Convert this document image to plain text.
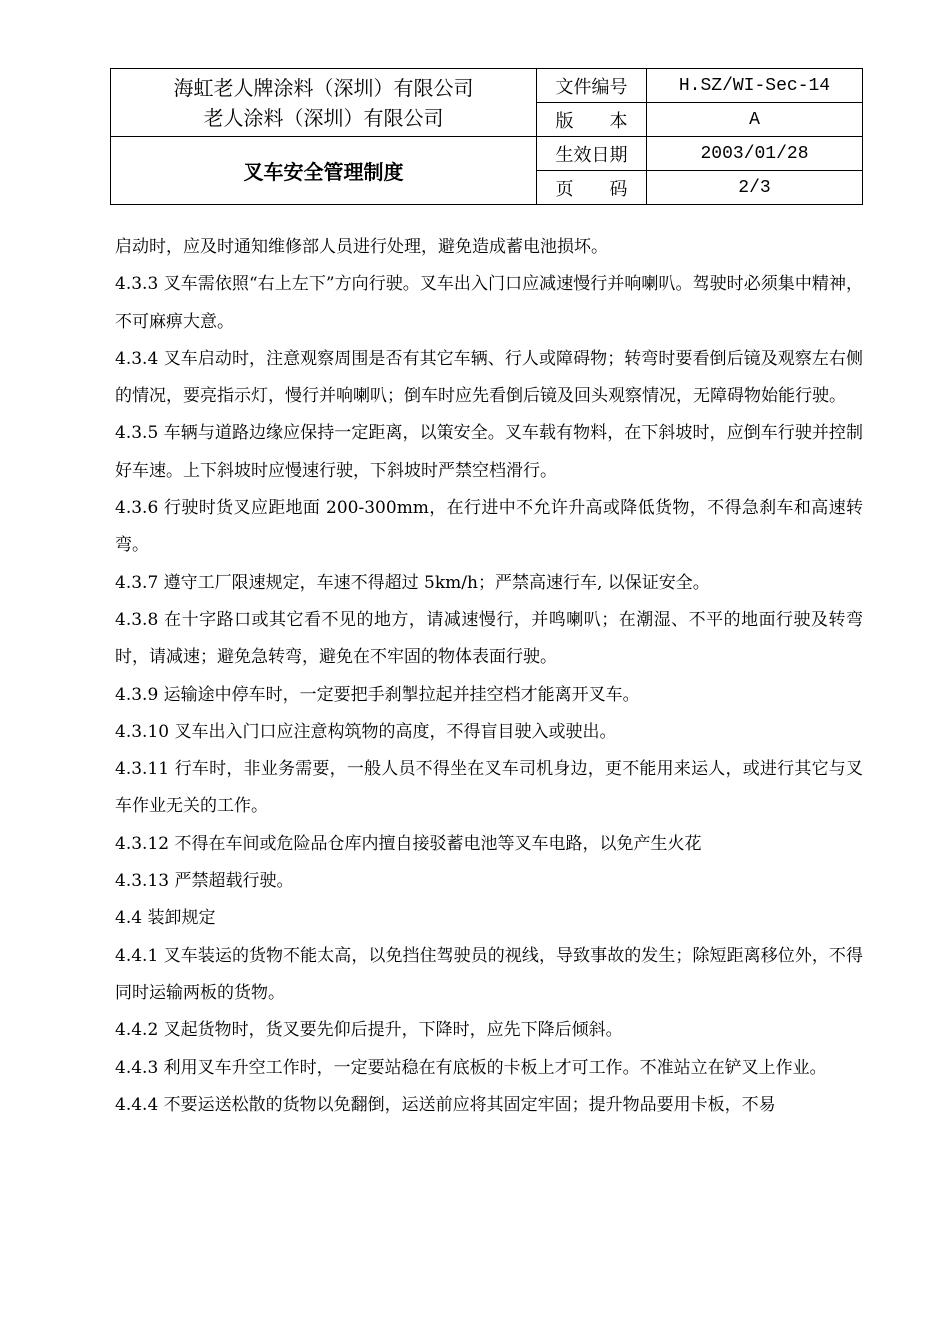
海虹老人牌涂料（深圳）有限公司
老人涂料（深圳）有限公司	文件编号	H.SZ/WI-Sec-14
	版　　本	A
叉车安全管理制度	生效日期	2003/01/28
	页　　码	2/3

启动时，应及时通知维修部人员进行处理，避免造成蓄电池损坏。

4.3.3 叉车需依照“右上左下”方向行驶。叉车出入门口应减速慢行并响喇叭。驾驶时必须集中精神，不可麻痹大意。

4.3.4 叉车启动时，注意观察周围是否有其它车辆、行人或障碍物；转弯时要看倒后镜及观察左右侧的情况，要亮指示灯，慢行并响喇叭；倒车时应先看倒后镜及回头观察情况，无障碍物始能行驶。

4.3.5 车辆与道路边缘应保持一定距离，以策安全。叉车载有物料，在下斜坡时，应倒车行驶并控制好车速。上下斜坡时应慢速行驶，下斜坡时严禁空档滑行。

4.3.6 行驶时货叉应距地面 200-300mm，在行进中不允许升高或降低货物，不得急刹车和高速转弯。

4.3.7 遵守工厂限速规定，车速不得超过 5km/h；严禁高速行车, 以保证安全。

4.3.8 在十字路口或其它看不见的地方，请减速慢行，并鸣喇叭；在潮湿、不平的地面行驶及转弯时，请减速；避免急转弯，避免在不牢固的物体表面行驶。

4.3.9 运输途中停车时，一定要把手刹掣拉起并挂空档才能离开叉车。

4.3.10 叉车出入门口应注意构筑物的高度，不得盲目驶入或驶出。

4.3.11 行车时，非业务需要，一般人员不得坐在叉车司机身边，更不能用来运人，或进行其它与叉车作业无关的工作。

4.3.12 不得在车间或危险品仓库内擅自接驳蓄电池等叉车电路，以免产生火花

4.3.13 严禁超载行驶。

4.4 装卸规定

4.4.1 叉车装运的货物不能太高，以免挡住驾驶员的视线，导致事故的发生；除短距离移位外，不得同时运输两板的货物。

4.4.2 叉起货物时，货叉要先仰后提升，下降时，应先下降后倾斜。

4.4.3 利用叉车升空工作时，一定要站稳在有底板的卡板上才可工作。不准站立在铲叉上作业。

4.4.4 不要运送松散的货物以免翻倒，运送前应将其固定牢固；提升物品要用卡板，不易
